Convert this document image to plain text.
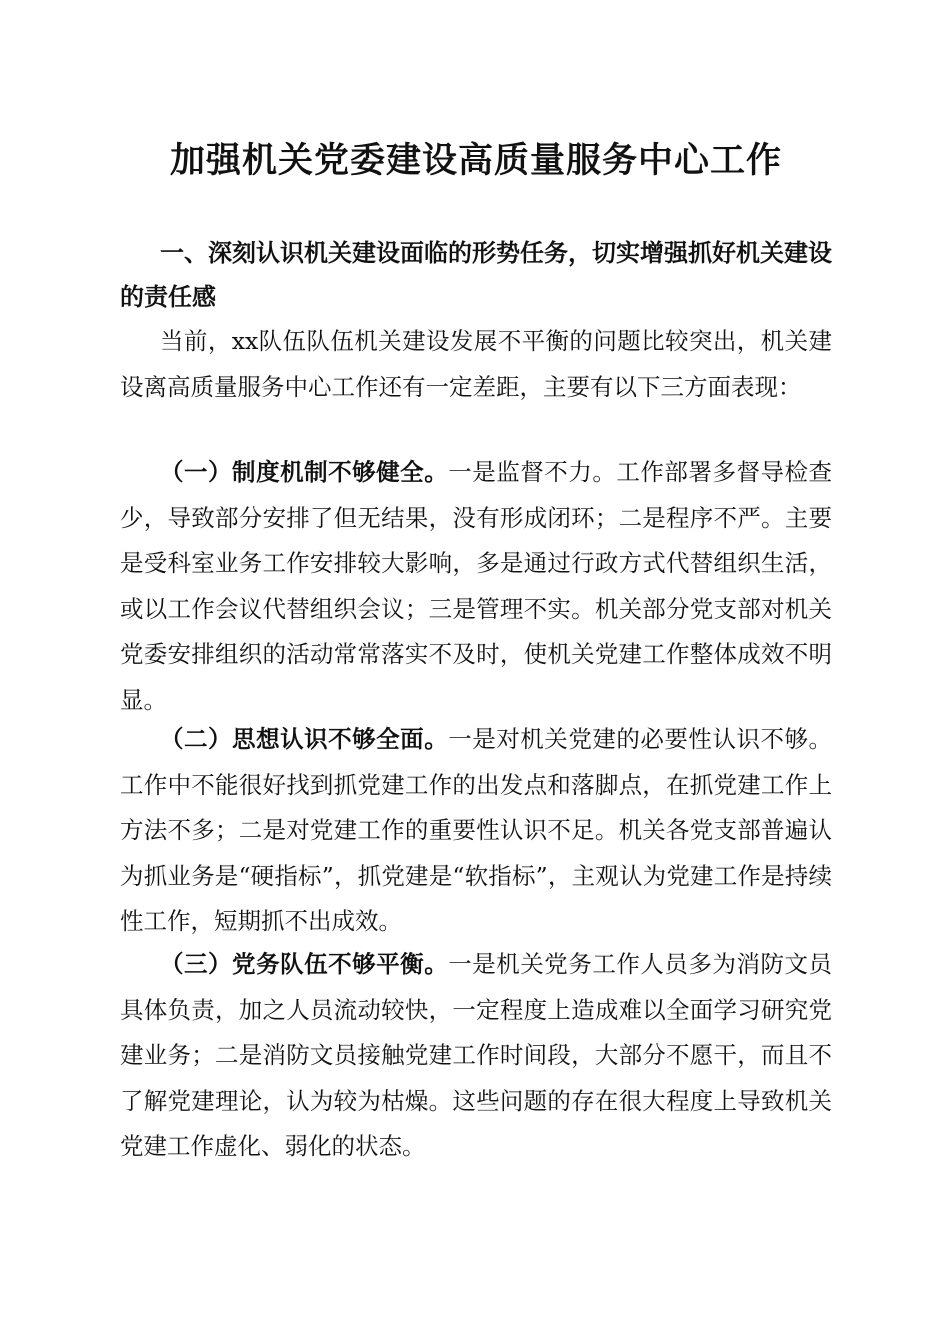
加强机关党委建设高质量服务中心工作
一、深刻认识机关建设面临的形势任务，切实增强抓好机关建设的责任感

当前，xx队伍队伍机关建设发展不平衡的问题比较突出，机关建设离高质量服务中心工作还有一定差距，主要有以下三方面表现：

（一）制度机制不够健全。一是监督不力。工作部署多督导检查少，导致部分安排了但无结果，没有形成闭环；二是程序不严。主要是受科室业务工作安排较大影响，多是通过行政方式代替组织生活，或以工作会议代替组织会议；三是管理不实。机关部分党支部对机关党委安排组织的活动常常落实不及时，使机关党建工作整体成效不明显。

（二）思想认识不够全面。一是对机关党建的必要性认识不够。工作中不能很好找到抓党建工作的出发点和落脚点，在抓党建工作上方法不多；二是对党建工作的重要性认识不足。机关各党支部普遍认为抓业务是“硬指标”，抓党建是“软指标”，主观认为党建工作是持续性工作，短期抓不出成效。

（三）党务队伍不够平衡。一是机关党务工作人员多为消防文员具体负责，加之人员流动较快，一定程度上造成难以全面学习研究党建业务；二是消防文员接触党建工作时间段，大部分不愿干，而且不了解党建理论，认为较为枯燥。这些问题的存在很大程度上导致机关党建工作虚化、弱化的状态。
